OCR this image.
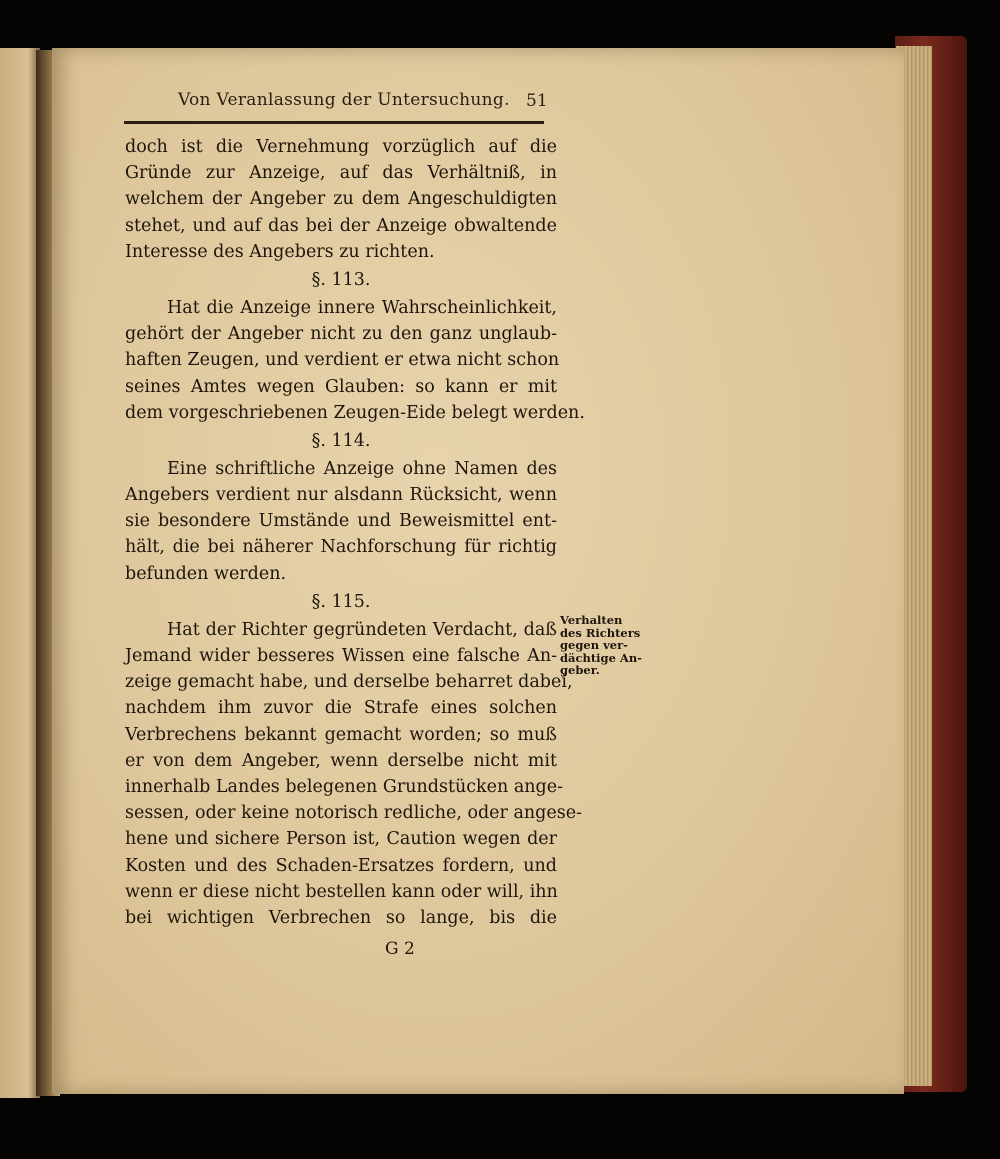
Von Veranlassung der Untersuchung. 51
doch ist die Vernehmung vorzüglich auf die
Gründe zur Anzeige, auf das Verhältniß, in
welchem der Angeber zu dem Angeschuldigten
stehet, und auf das bei der Anzeige obwaltende
Interesse des Angebers zu richten.
§. 113.
Hat die Anzeige innere Wahrscheinlichkeit,
gehört der Angeber nicht zu den ganz unglaub-
haften Zeugen, und verdient er etwa nicht schon
seines Amtes wegen Glauben: so kann er mit
dem vorgeschriebenen Zeugen-Eide belegt werden.
§. 114.
Eine schriftliche Anzeige ohne Namen des
Angebers verdient nur alsdann Rücksicht, wenn
sie besondere Umstände und Beweismittel ent-
hält, die bei näherer Nachforschung für richtig
befunden werden.
§. 115.
Hat der Richter gegründeten Verdacht, daß
Jemand wider besseres Wissen eine falsche An-
zeige gemacht habe, und derselbe beharret dabei,
nachdem ihm zuvor die Strafe eines solchen
Verbrechens bekannt gemacht worden; so muß
er von dem Angeber, wenn derselbe nicht mit
innerhalb Landes belegenen Grundstücken ange-
sessen, oder keine notorisch redliche, oder angese-
hene und sichere Person ist, Caution wegen der
Kosten und des Schaden-Ersatzes fordern, und
wenn er diese nicht bestellen kann oder will, ihn
bei wichtigen Verbrechen so lange, bis die
Verhalten
des Richters
gegen ver-
dächtige An-
geber.
G 2
